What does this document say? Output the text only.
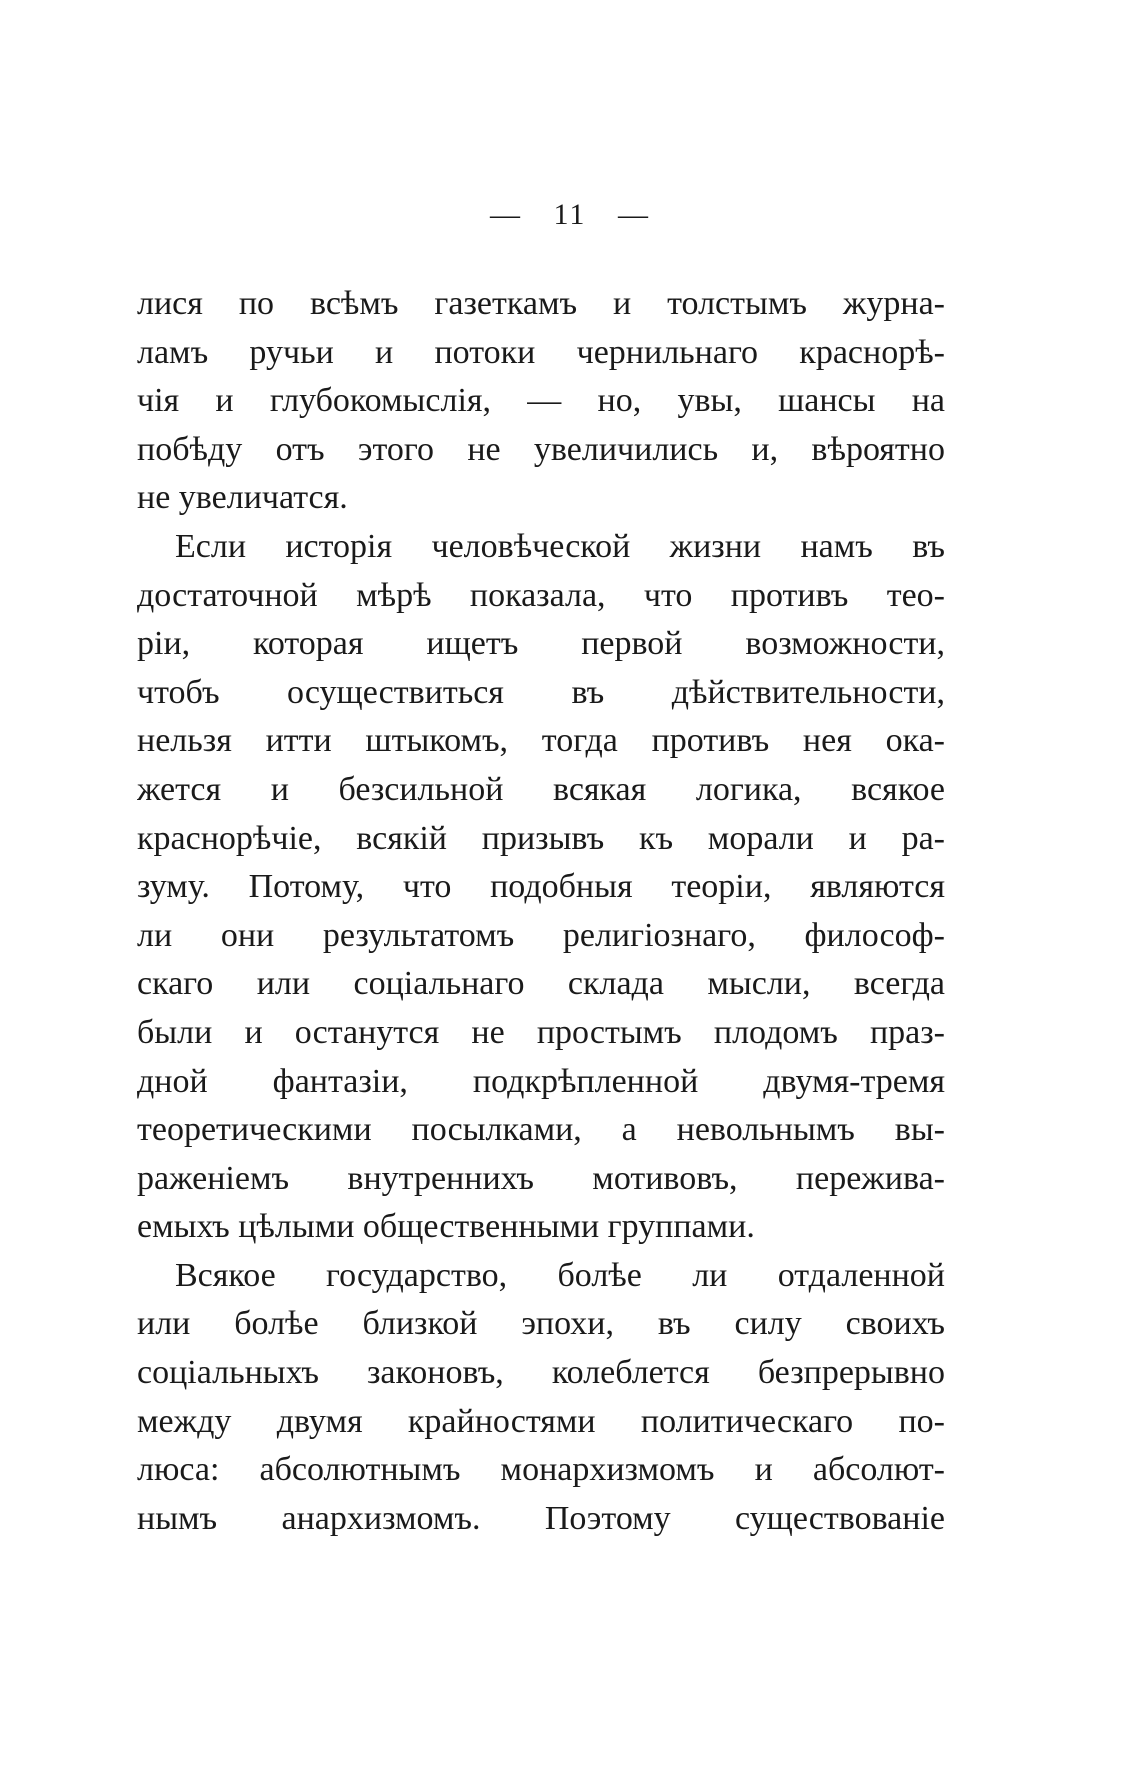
— 11 —
лися по всѣмъ газеткамъ и толстымъ журна-
ламъ ручьи и потоки чернильнаго краснорѣ-
чія и глубокомыслія, — но, увы, шансы на
побѣду отъ этого не увеличились и, вѣроятно
не увеличатся.
Если исторія человѣческой жизни намъ въ
достаточной мѣрѣ показала, что противъ тео-
ріи, которая ищетъ первой возможности,
чтобъ осуществиться въ дѣйствительности,
нельзя итти штыкомъ, тогда противъ нея ока-
жется и безсильной всякая логика, всякое
краснорѣчіе, всякій призывъ къ морали и ра-
зуму. Потому, что подобныя теоріи, являются
ли они результатомъ религіознаго, философ-
скаго или соціальнаго склада мысли, всегда
были и останутся не простымъ плодомъ праз-
дной фантазіи, подкрѣпленной двумя-тремя
теоретическими посылками, а невольнымъ вы-
раженіемъ внутреннихъ мотивовъ, пережива-
емыхъ цѣлыми общественными группами.
Всякое государство, болѣе ли отдаленной
или болѣе близкой эпохи, въ силу своихъ
соціальныхъ законовъ, колеблется безпрерывно
между двумя крайностями политическаго по-
люса: абсолютнымъ монархизмомъ и абсолют-
нымъ анархизмомъ. Поэтому существованіе
